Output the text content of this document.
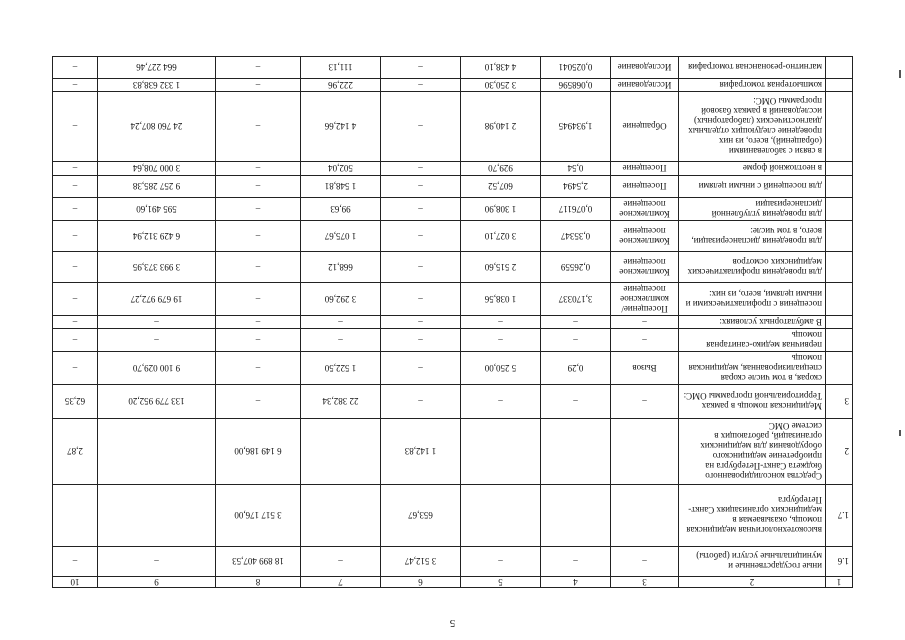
5
1	2	3	4	5	6	7	8	9	10
1.6	иные государственные и муниципальные услуги (работы)	–	–	–	3 512,47	–	18 899 407,53	–	–
1.7	высокотехнологичная медицинская помощь, оказываемая в медицинских организациях Санкт-Петербурга				653,67		3 517 176,00		
2	Средства консолидированного бюджета Санкт-Петербурга на приобретение медицинского оборудования для медицинских организаций, работающих в системе ОМС				1 142,83		6 149 186,00		2,87
3	Медицинская помощь в рамках Территориальной программы ОМС:	–	–	–	–	22 382,34	–	133 779 952,20	62,35
	скорая, в том числе скорая специализированная, медицинская помощь	Вызов	0,29	5 250,00	–	1 522,50	–	9 100 029,70	–
	первичная медико-санитарная помощь	–	–	–	–	–	–	–	–
	В амбулаторных условиях:	–	–	–	–	–	–	–	–
	посещения с профилактическими и иными целями, всего, из них:	Посещение/ комплексное посещение	3,170337	1 038,56	–	3 292,60	–	19 679 972,27	–
	для проведения профилактических медицинских осмотров	Комплексное посещение	0,26559	2 515,60	–	668,12	–	3 993 373,95	–
	для проведения диспансеризации, всего, в том числе:	Комплексное посещение	0,35347	3 027,10	–	1 075,67	–	6 429 312,94	–
	для проведения углубленной диспансеризации	Комплексное посещение	0,076117	1 308,90	–	99,63	–	595 491,60	–
	для посещений с иными целями	Посещение	2,5494	607,52	–	1 548,81	–	9 257 285,38	–
	в неотложной форме	Посещение	0,54	929,70	–	502,04	–	3 000 708,64	–
	в связи с заболеваниями (обращений), всего, из них проведение следующих отдельных диагностических (лабораторных) исследований в рамках базовой программы ОМС:	Обращение	1,934945	2 140,98	–	4 142,66	–	24 760 807,24	–
	компьютерная томография	Исследование	0,068596	3 250,30	–	222,96	–	1 332 638,83	–
	магнитно-резонансная томография	Исследование	0,025041	4 438,10	–	111,13	–	664 227,46	–
